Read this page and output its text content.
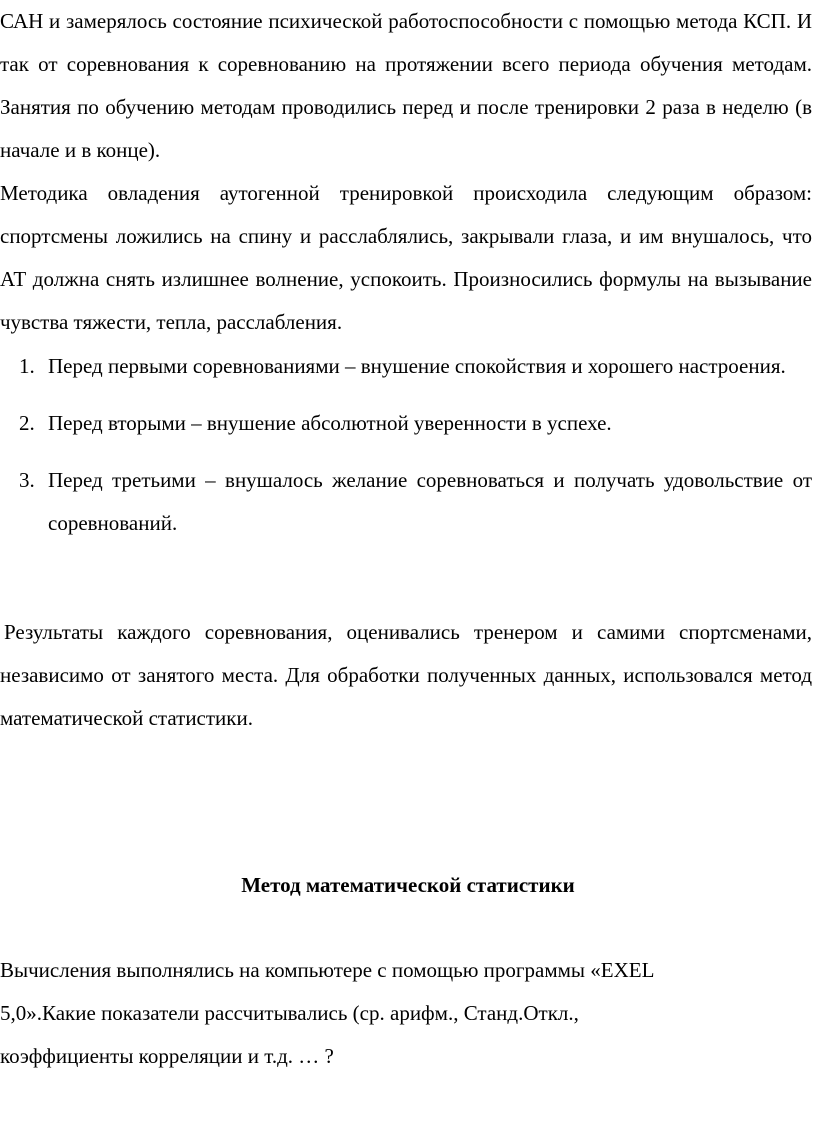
САН и замерялось состояние психической работоспособности с помощью метода КСП. И так от соревнования к соревнованию на протяжении всего периода обучения методам. Занятия по обучению методам проводились перед и после тренировки 2 раза в неделю (в начале и в конце).

Методика овладения аутогенной тренировкой происходила следующим образом: спортсмены ложились на спину и расслаблялись, закрывали глаза, и им внушалось, что АТ должна снять излишнее волнение, успокоить. Произносились формулы на вызывание чувства тяжести, тепла, расслабления.

1. Перед первыми соревнованиями – внушение спокойствия и хорошего настроения.
2. Перед вторыми – внушение абсолютной уверенности в успехе.
3. Перед третьими – внушалось желание соревноваться и получать удовольствие от соревнований.

Результаты каждого соревнования, оценивались тренером и самими спортсменами, независимо от занятого места. Для обработки полученных данных, использовался метод математической статистики.

Метод математической статистики

Вычисления выполнялись на компьютере с помощью программы «EXEL
5,0».Какие показатели рассчитывались (ср. арифм., Станд.Откл.,
коэффициенты корреляции и т.д. … ?
